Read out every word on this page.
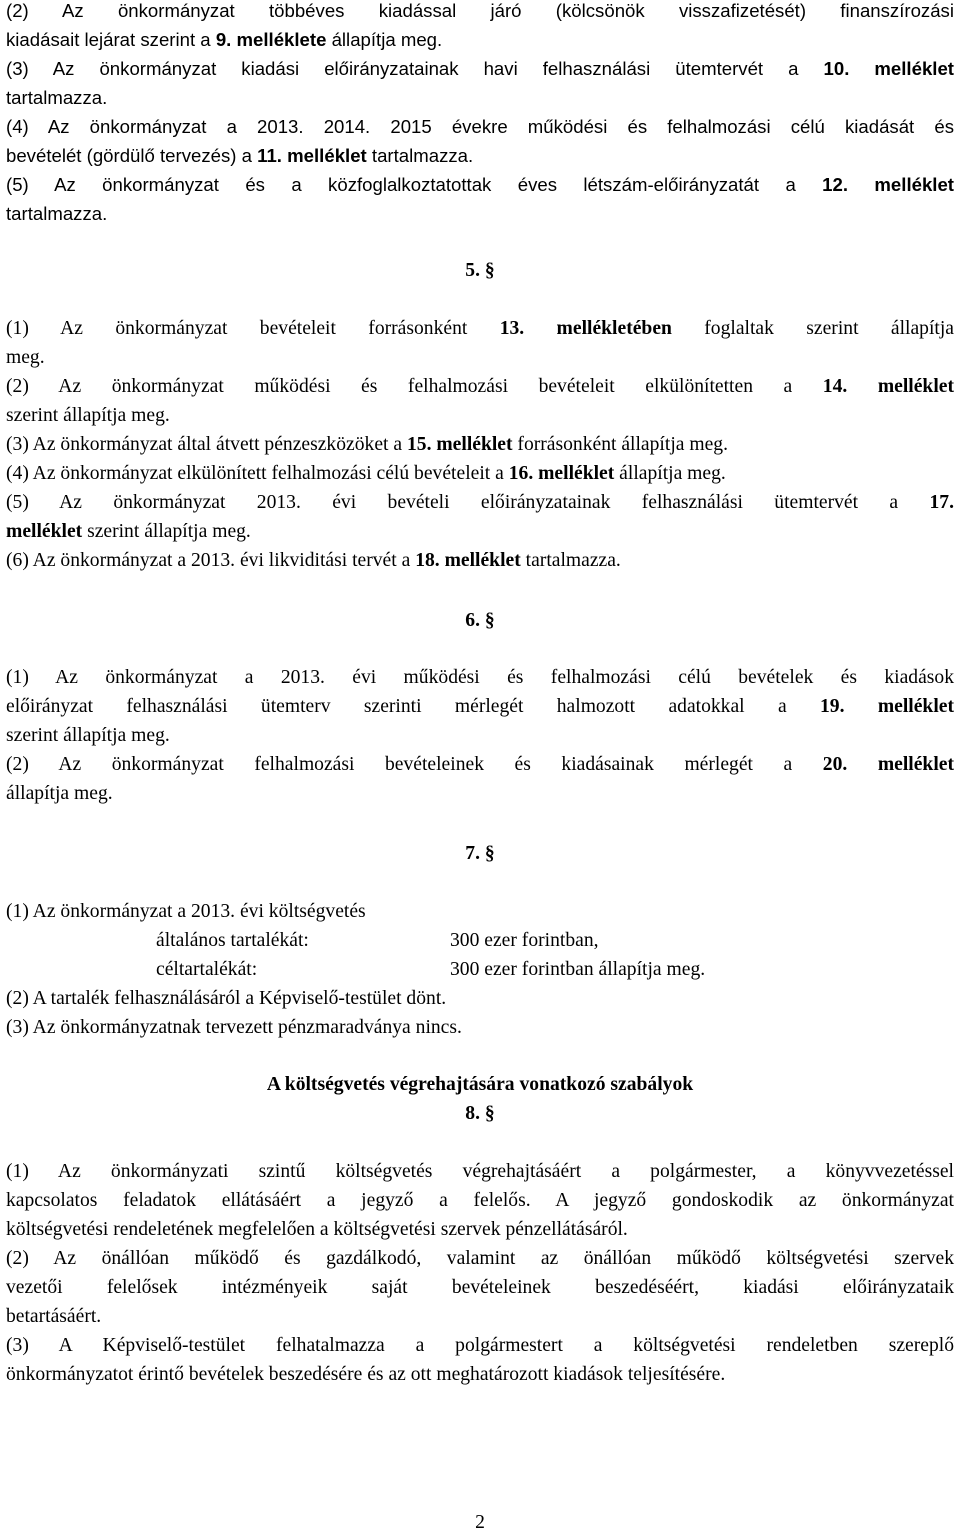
(2) Az önkormányzat többéves kiadással járó (kölcsönök visszafizetését) finanszírozási
kiadásait lejárat szerint a 9. melléklete állapítja meg.
(3) Az önkormányzat kiadási előirányzatainak havi felhasználási ütemtervét a 10. melléklet
tartalmazza.
(4) Az önkormányzat a 2013. 2014. 2015 évekre működési és felhalmozási célú kiadását és
bevételét (gördülő tervezés) a 11. melléklet tartalmazza.
(5) Az önkormányzat és a közfoglalkoztatottak éves létszám-előirányzatát a 12. melléklet
tartalmazza.
5. §
(1) Az önkormányzat bevételeit forrásonként 13. mellékletében foglaltak szerint állapítja
meg.
(2) Az önkormányzat működési és felhalmozási bevételeit elkülönítetten a 14. melléklet
szerint állapítja meg.
(3) Az önkormányzat által átvett pénzeszközöket a 15. melléklet forrásonként állapítja meg.
(4) Az önkormányzat elkülönített felhalmozási célú bevételeit a 16. melléklet állapítja meg.
(5) Az önkormányzat 2013. évi bevételi előirányzatainak felhasználási ütemtervét a 17.
melléklet szerint állapítja meg.
(6) Az önkormányzat a 2013. évi likviditási tervét a 18. melléklet tartalmazza.
6. §
(1) Az önkormányzat a 2013. évi működési és felhalmozási célú bevételek és kiadások
előirányzat felhasználási ütemterv szerinti mérlegét halmozott adatokkal a 19. melléklet
szerint állapítja meg.
(2) Az önkormányzat felhalmozási bevételeinek és kiadásainak mérlegét a 20. melléklet
állapítja meg.
7. §
(1) Az önkormányzat a 2013. évi költségvetés
általános tartalékát:	300 ezer forintban,
céltartalékát:	300 ezer forintban állapítja meg.
(2) A tartalék felhasználásáról a Képviselő-testület dönt.
(3) Az önkormányzatnak tervezett pénzmaradványa nincs.
A költségvetés végrehajtására vonatkozó szabályok
8. §
(1) Az önkormányzati szintű költségvetés végrehajtásáért a polgármester, a könyvvezetéssel
kapcsolatos feladatok ellátásáért a jegyző a felelős. A jegyző gondoskodik az önkormányzat
költségvetési rendeletének megfelelően a költségvetési szervek pénzellátásáról.
(2) Az önállóan működő és gazdálkodó, valamint az önállóan működő költségvetési szervek
vezetői felelősek intézményeik saját bevételeinek beszedéséért, kiadási előirányzataik
betartásáért.
(3) A Képviselő-testület felhatalmazza a polgármestert a költségvetési rendeletben szereplő
önkormányzatot érintő bevételek beszedésére és az ott meghatározott kiadások teljesítésére.
2
